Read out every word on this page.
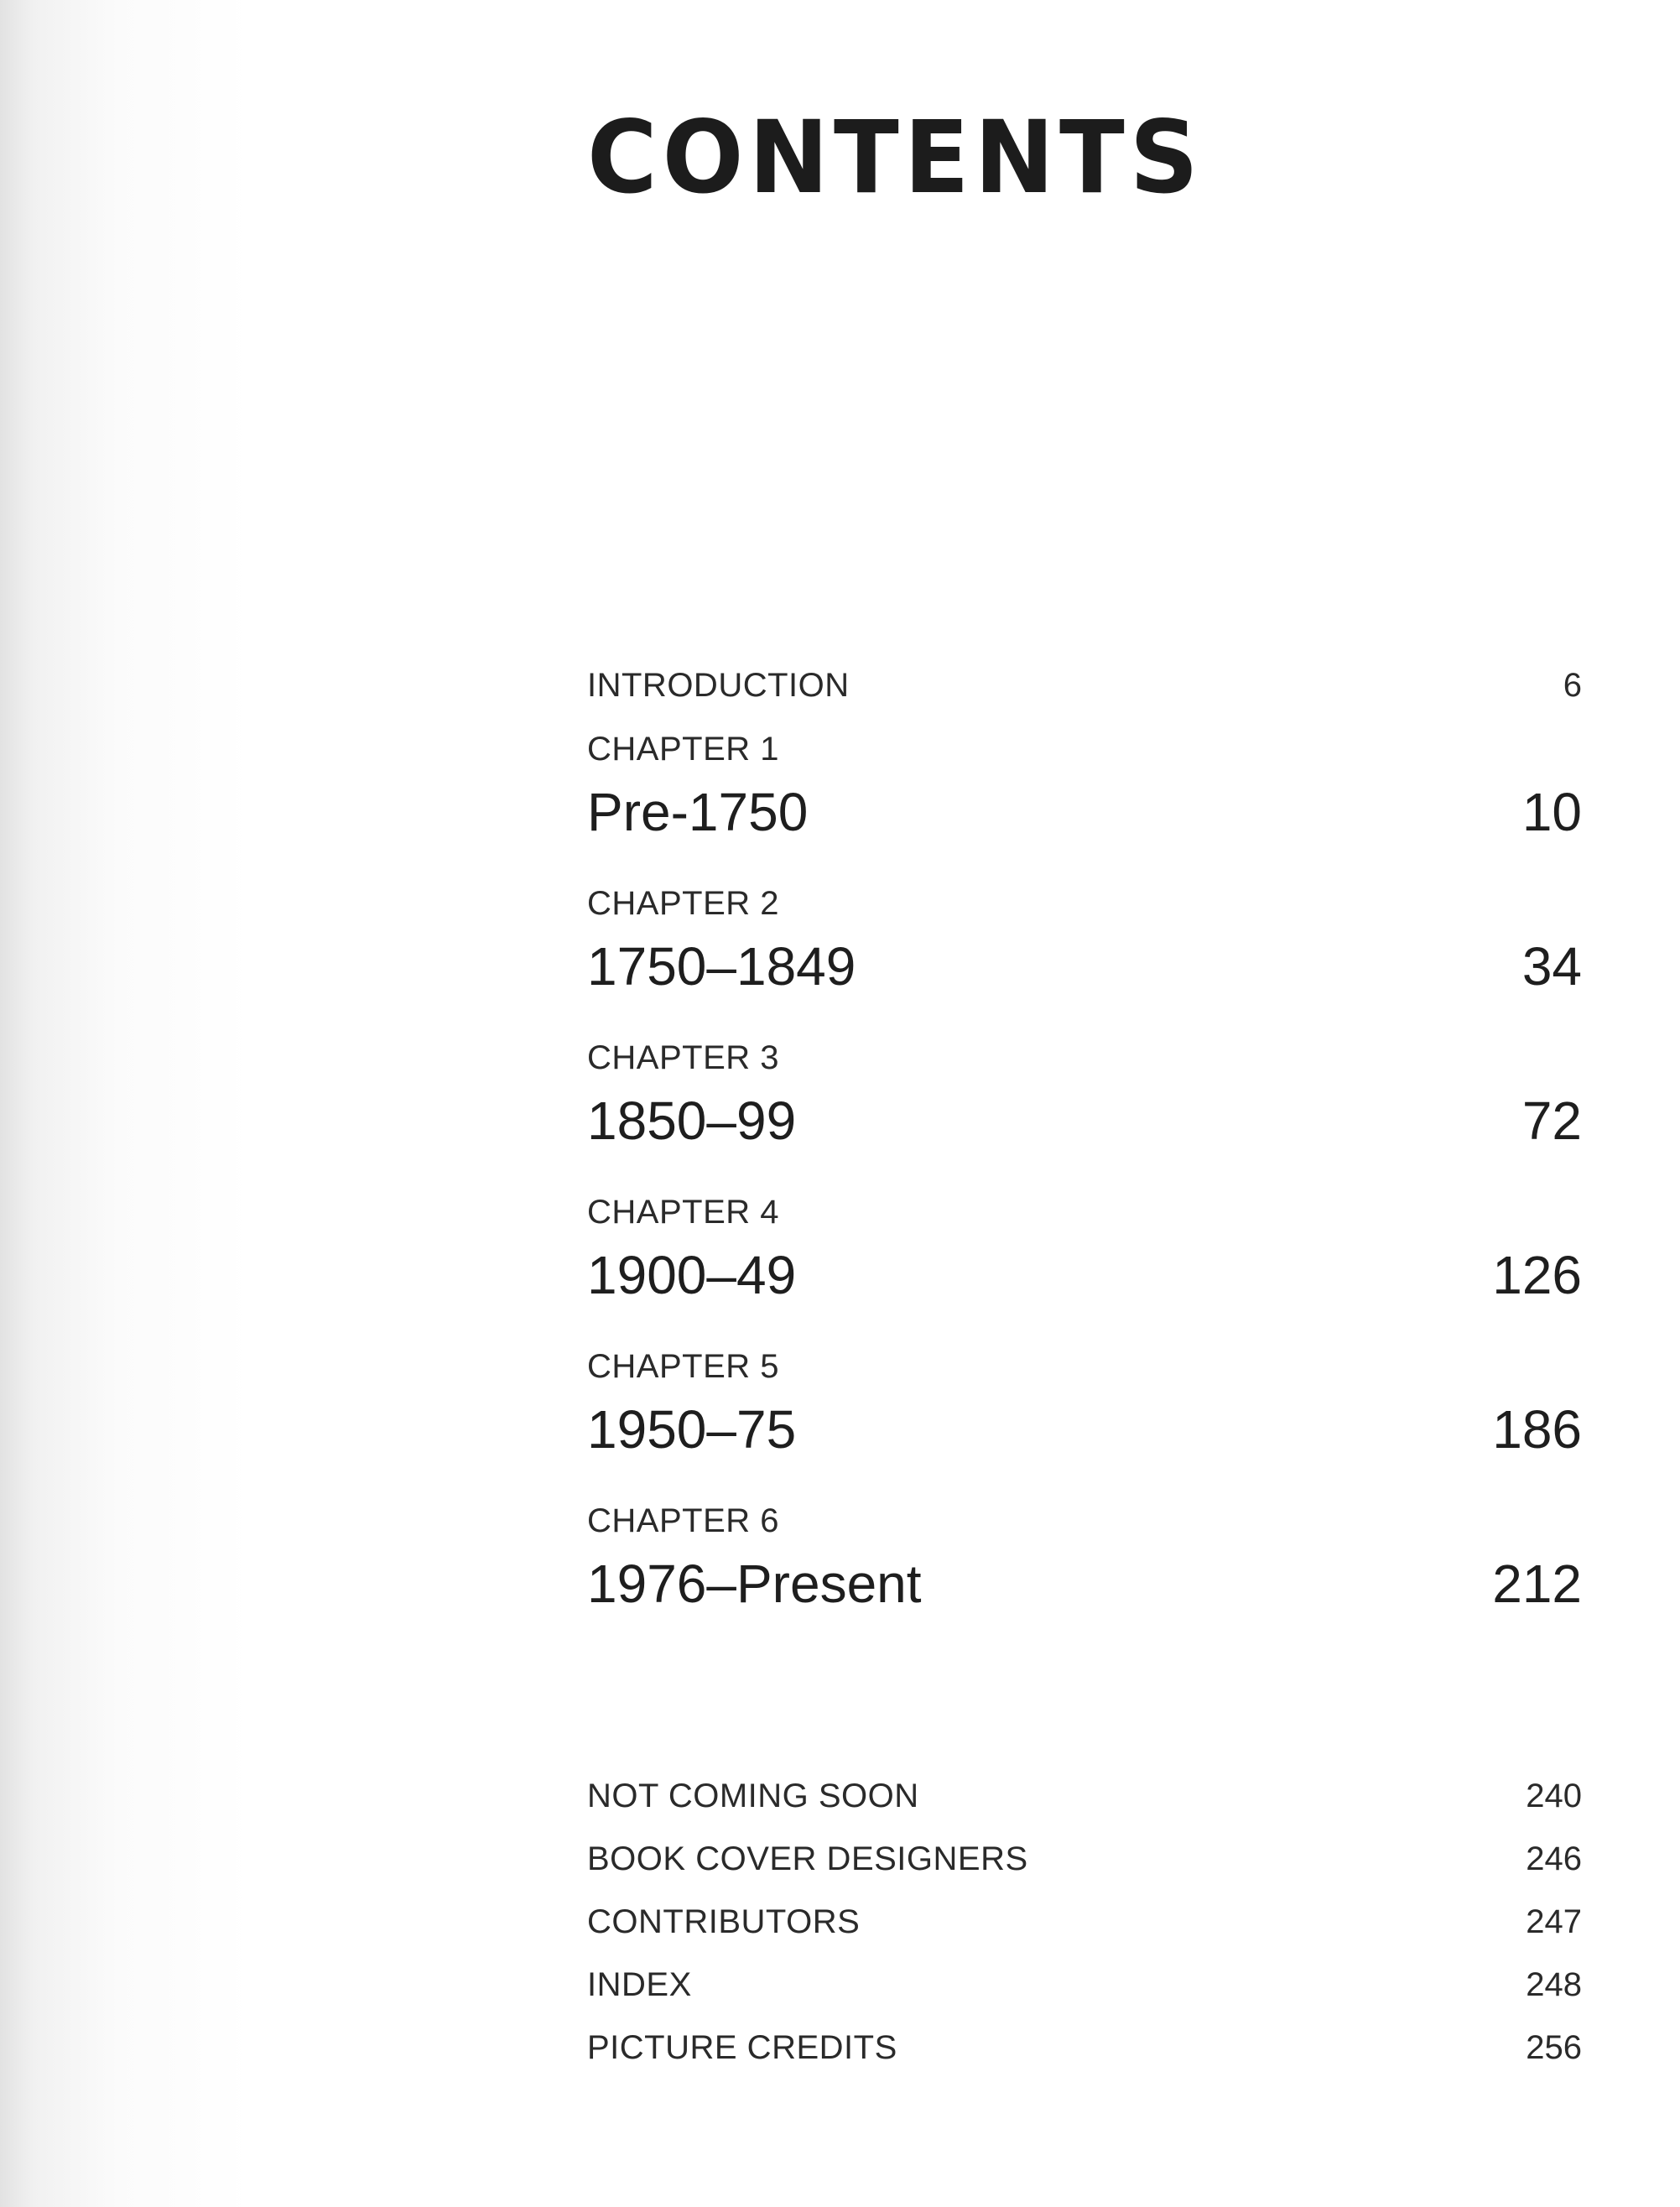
CONTENTS
INTRODUCTION	6
CHAPTER 1
Pre-1750	10
CHAPTER 2
1750–1849	34
CHAPTER 3
1850–99	72
CHAPTER 4
1900–49	126
CHAPTER 5
1950–75	186
CHAPTER 6
1976–Present	212
NOT COMING SOON	240
BOOK COVER DESIGNERS	246
CONTRIBUTORS	247
INDEX	248
PICTURE CREDITS	256
